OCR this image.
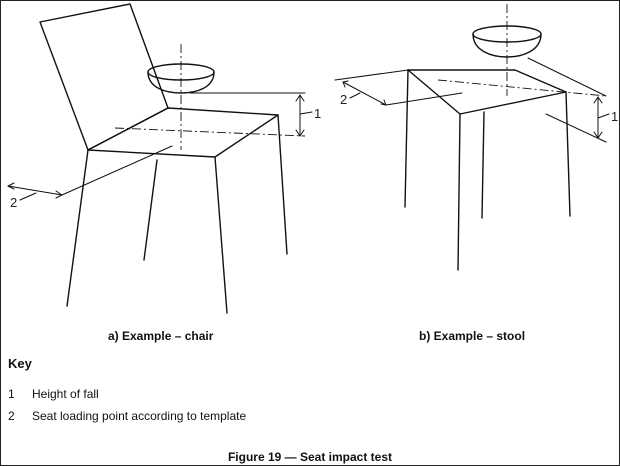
1
2
2
1
a) Example – chair	b) Example – stool
Key
1 Height of fall
2 Seat loading point according to template
Figure 19 — Seat impact test
